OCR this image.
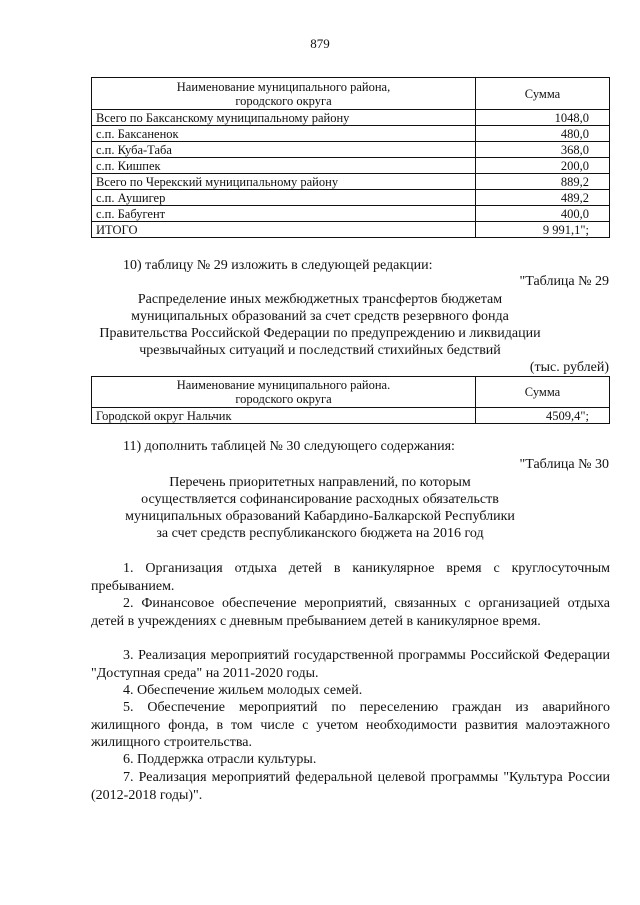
879
Наименование муниципального района,
городского округа	Сумма
Всего по Баксанскому муниципальному району	1048,0
с.п. Баксаненок	480,0
с.п. Куба-Таба	368,0
с.п. Кишпек	200,0
Всего по Черекский муниципальному району	889,2
с.п. Аушигер	489,2
с.п. Бабугент	400,0
ИТОГО	9 991,1";
10) таблицу № 29 изложить в следующей редакции:
"Таблица № 29
Распределение иных межбюджетных трансфертов бюджетам
муниципальных образований за счет средств резервного фонда
Правительства Российской Федерации по предупреждению и ликвидации
чрезвычайных ситуаций и последствий стихийных бедствий
(тыс. рублей)
Наименование муниципального района.
городского округа	Сумма
Городской округ Нальчик	4509,4";
11) дополнить таблицей № 30 следующего содержания:
"Таблица № 30
Перечень приоритетных направлений, по которым
осуществляется софинансирование расходных обязательств
муниципальных образований Кабардино-Балкарской Республики
за счет средств республиканского бюджета на 2016 год
1. Организация отдыха детей в каникулярное время с круглосуточным пребыванием.
2. Финансовое обеспечение мероприятий, связанных с организацией отдыха детей в учреждениях с дневным пребыванием детей в каникулярное время.
3. Реализация мероприятий государственной программы Российской Федерации "Доступная среда" на 2011-2020 годы.
4. Обеспечение жильем молодых семей.
5. Обеспечение мероприятий по переселению граждан из аварийного жилищного фонда, в том числе с учетом необходимости развития малоэтажного жилищного строительства.
6. Поддержка отрасли культуры.
7. Реализация мероприятий федеральной целевой программы "Культура России (2012-2018 годы)".
